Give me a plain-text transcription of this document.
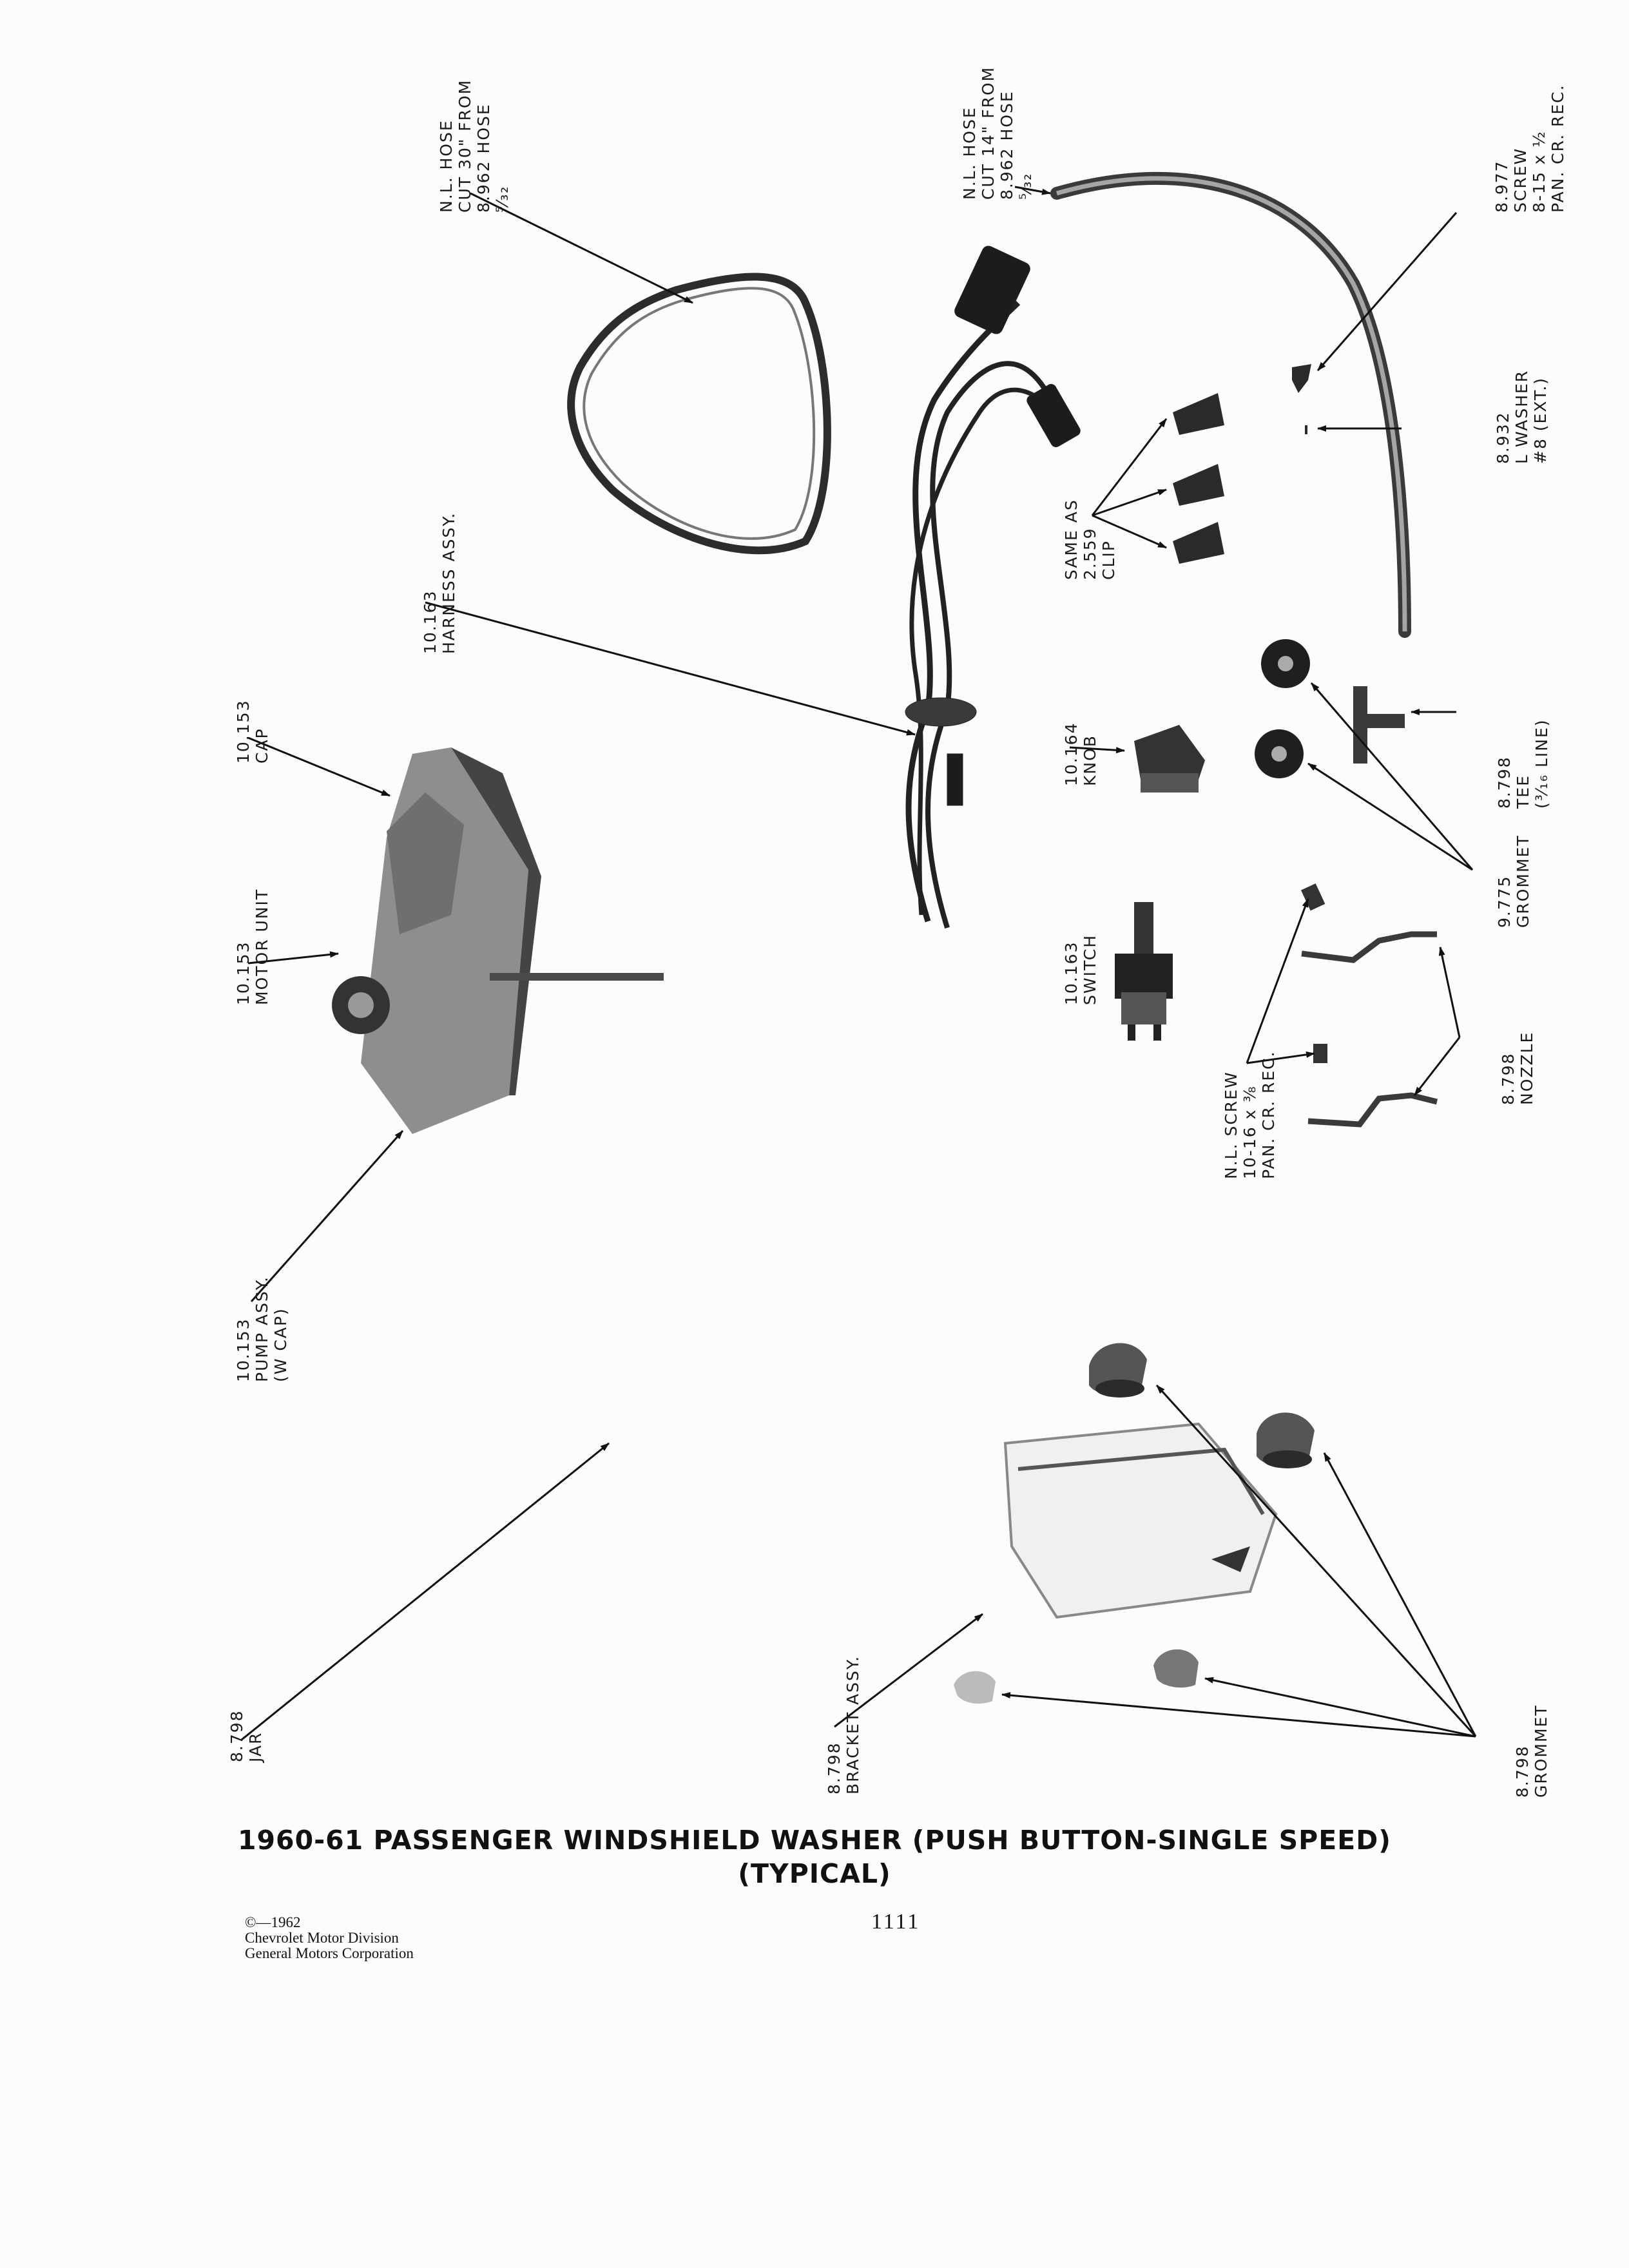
N.L. HOSE CUT 30" FROM 8.962 HOSE ⁵⁄₃₂

	N.L. HOSE CUT 14" FROM 8.962 HOSE ⁵⁄₃₂

	8.977 SCREW 8-15 x ½ PAN. CR. REC.

8.932 L WASHER #8 (EXT.)

SAME AS 2.559 CLIP

10.163 HARNESS ASSY.

10.153 CAP

	10.164 KNOB

	8.798 TEE (³⁄₁₆ LINE)

10.153 MOTOR UNIT

	10.163 SWITCH

9.775 GROMMET

8.798 NOZZLE

N.L. SCREW 10-16 x ⅜ PAN. CR. REC.

10.153 PUMP ASSY. (W CAP)

8.798 JAR

	8.798 BRACKET ASSY.

	8.798 GROMMET

1960-61 PASSENGER WINDSHIELD WASHER (PUSH BUTTON-SINGLE SPEED)
(TYPICAL)
©—1962
Chevrolet Motor Division
General Motors Corporation
1111
